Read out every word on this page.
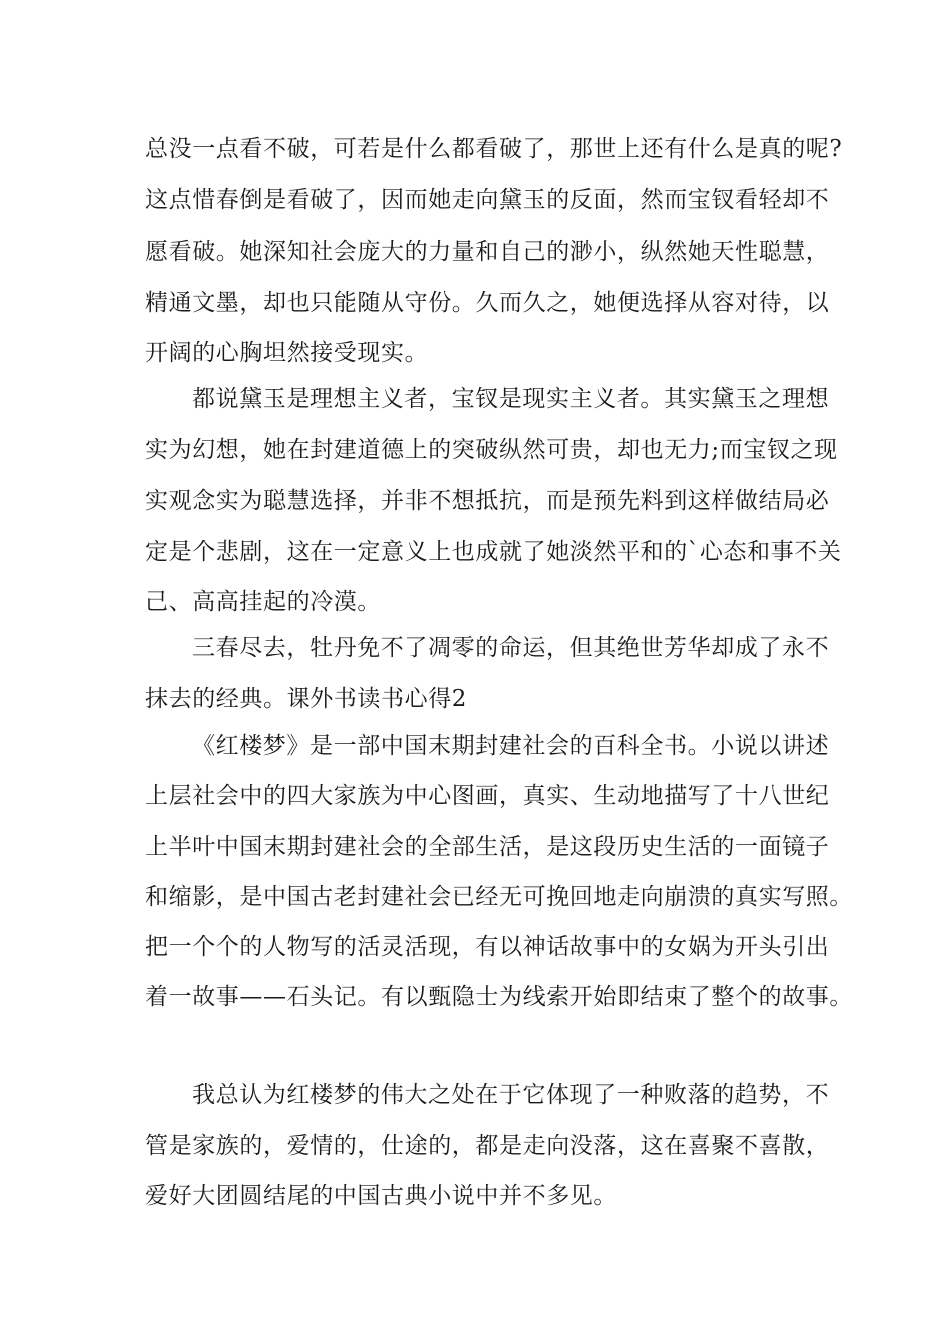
总没一点看不破，可若是什么都看破了，那世上还有什么是真的呢?
这点惜春倒是看破了，因而她走向黛玉的反面，然而宝钗看轻却不
愿看破。她深知社会庞大的力量和自己的渺小，纵然她天性聪慧，
精通文墨，却也只能随从守份。久而久之，她便选择从容对待，以
开阔的心胸坦然接受现实。
都说黛玉是理想主义者，宝钗是现实主义者。其实黛玉之理想
实为幻想，她在封建道德上的突破纵然可贵，却也无力;而宝钗之现
实观念实为聪慧选择，并非不想抵抗，而是预先料到这样做结局必
定是个悲剧，这在一定意义上也成就了她淡然平和的`心态和事不关
己、高高挂起的冷漠。
三春尽去，牡丹免不了凋零的命运，但其绝世芳华却成了永不
抹去的经典。课外书读书心得2
《红楼梦》是一部中国末期封建社会的百科全书。小说以讲述
上层社会中的四大家族为中心图画，真实、生动地描写了十八世纪
上半叶中国末期封建社会的全部生活，是这段历史生活的一面镜子
和缩影，是中国古老封建社会已经无可挽回地走向崩溃的真实写照。
把一个个的人物写的活灵活现，有以神话故事中的女娲为开头引出
着一故事——石头记。有以甄隐士为线索开始即结束了整个的故事。
我总认为红楼梦的伟大之处在于它体现了一种败落的趋势，不
管是家族的，爱情的，仕途的，都是走向没落，这在喜聚不喜散，
爱好大团圆结尾的中国古典小说中并不多见。
